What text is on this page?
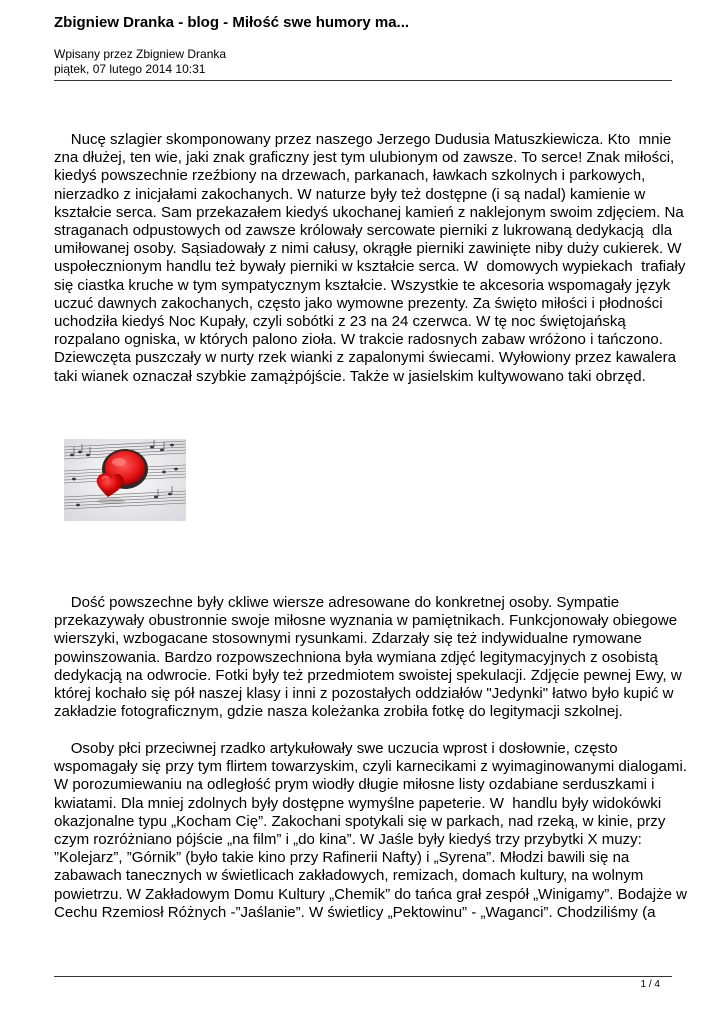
Zbigniew Dranka - blog - Miłość swe humory ma...
Wpisany przez Zbigniew Dranka
piątek, 07 lutego 2014 10:31
Nucę szlagier skomponowany przez naszego Jerzego Dudusia Matuszkiewicza. Kto  mnie
zna dłużej, ten wie, jaki znak graficzny jest tym ulubionym od zawsze. To serce! Znak miłości,
kiedyś powszechnie rzeźbiony na drzewach, parkanach, ławkach szkolnych i parkowych,
nierzadko z inicjałami zakochanych. W naturze były też dostępne (i są nadal) kamienie w
kształcie serca. Sam przekazałem kiedyś ukochanej kamień z naklejonym swoim zdjęciem. Na
straganach odpustowych od zawsze królowały sercowate pierniki z lukrowaną dedykacją  dla
umiłowanej osoby. Sąsiadowały z nimi całusy, okrągłe pierniki zawinięte niby duży cukierek. W
uspołecznionym handlu też bywały pierniki w kształcie serca. W  domowych wypiekach  trafiały
się ciastka kruche w tym sympatycznym kształcie. Wszystkie te akcesoria wspomagały język
uczuć dawnych zakochanych, często jako wymowne prezenty. Za święto miłości i płodności
uchodziła kiedyś Noc Kupały, czyli sobótki z 23 na 24 czerwca. W tę noc świętojańską
rozpalano ogniska, w których palono zioła. W trakcie radosnych zabaw wróżono i tańczono.
Dziewczęta puszczały w nurty rzek wianki z zapalonymi świecami. Wyłowiony przez kawalera
taki wianek oznaczał szybkie zamążpójście. Także w jasielskim kultywowano taki obrzęd.
Dość powszechne były ckliwe wiersze adresowane do konkretnej osoby. Sympatie
przekazywały obustronnie swoje miłosne wyznania w pamiętnikach. Funkcjonowały obiegowe
wierszyki, wzbogacane stosownymi rysunkami. Zdarzały się też indywidualne rymowane
powinszowania. Bardzo rozpowszechniona była wymiana zdjęć legitymacyjnych z osobistą
dedykacją na odwrocie. Fotki były też przedmiotem swoistej spekulacji. Zdjęcie pewnej Ewy, w
której kochało się pół naszej klasy i inni z pozostałych oddziałów "Jedynki" łatwo było kupić w
zakładzie fotograficznym, gdzie nasza koleżanka zrobiła fotkę do legitymacji szkolnej.
Osoby płci przeciwnej rzadko artykułowały swe uczucia wprost i dosłownie, często
wspomagały się przy tym flirtem towarzyskim, czyli karnecikami z wyimaginowanymi dialogami.
W porozumiewaniu na odległość prym wiodły długie miłosne listy ozdabiane serduszkami i
kwiatami. Dla mniej zdolnych były dostępne wymyślne papeterie. W  handlu były widokówki
okazjonalne typu „Kocham Cię”. Zakochani spotykali się w parkach, nad rzeką, w kinie, przy
czym rozróżniano pójście „na film” i „do kina”. W Jaśle były kiedyś trzy przybytki X muzy:
”Kolejarz”, ”Górnik” (było takie kino przy Rafinerii Nafty) i „Syrena”. Młodzi bawili się na
zabawach tanecznych w świetlicach zakładowych, remizach, domach kultury, na wolnym
powietrzu. W Zakładowym Domu Kultury „Chemik” do tańca grał zespół „Winigamy”. Bodajże w
Cechu Rzemiosł Różnych -”Jaślanie”. W świetlicy „Pektowinu” - „Waganci”. Chodziliśmy (a
1 / 4
